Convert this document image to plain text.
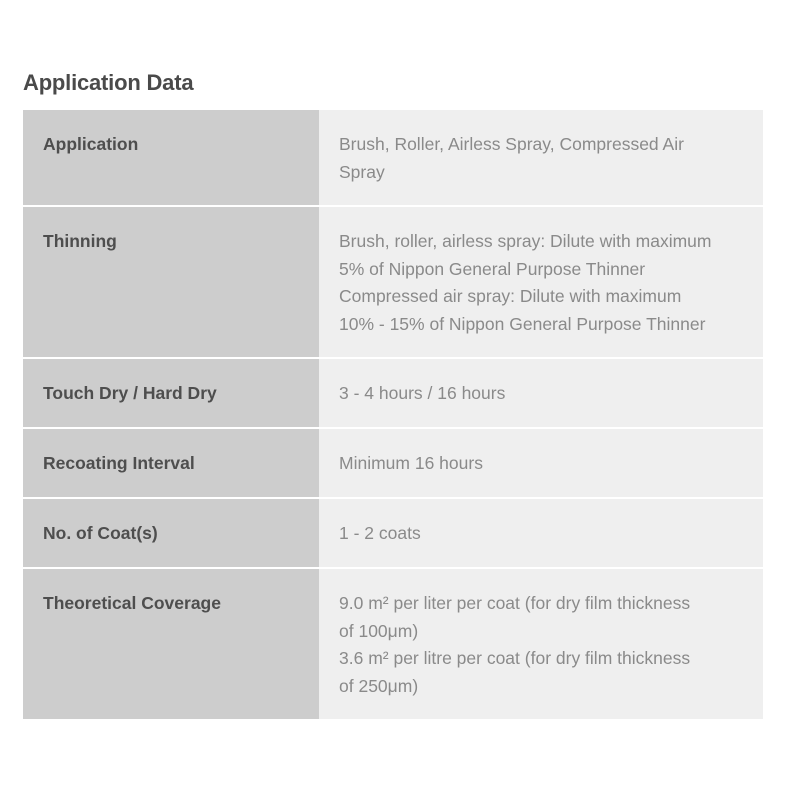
Application Data
Application	Brush, Roller, Airless Spray, Compressed Air
Spray

Thinning	Brush, roller, airless spray: Dilute with maximum
5% of Nippon General Purpose Thinner
Compressed air spray: Dilute with maximum
10% - 15% of Nippon General Purpose Thinner

Touch Dry / Hard Dry	3 - 4 hours / 16 hours

Recoating Interval	Minimum 16 hours

No. of Coat(s)	1 - 2 coats

Theoretical Coverage	9.0 m² per liter per coat (for dry film thickness
of 100μm)
3.6 m² per litre per coat (for dry film thickness
of 250μm)
